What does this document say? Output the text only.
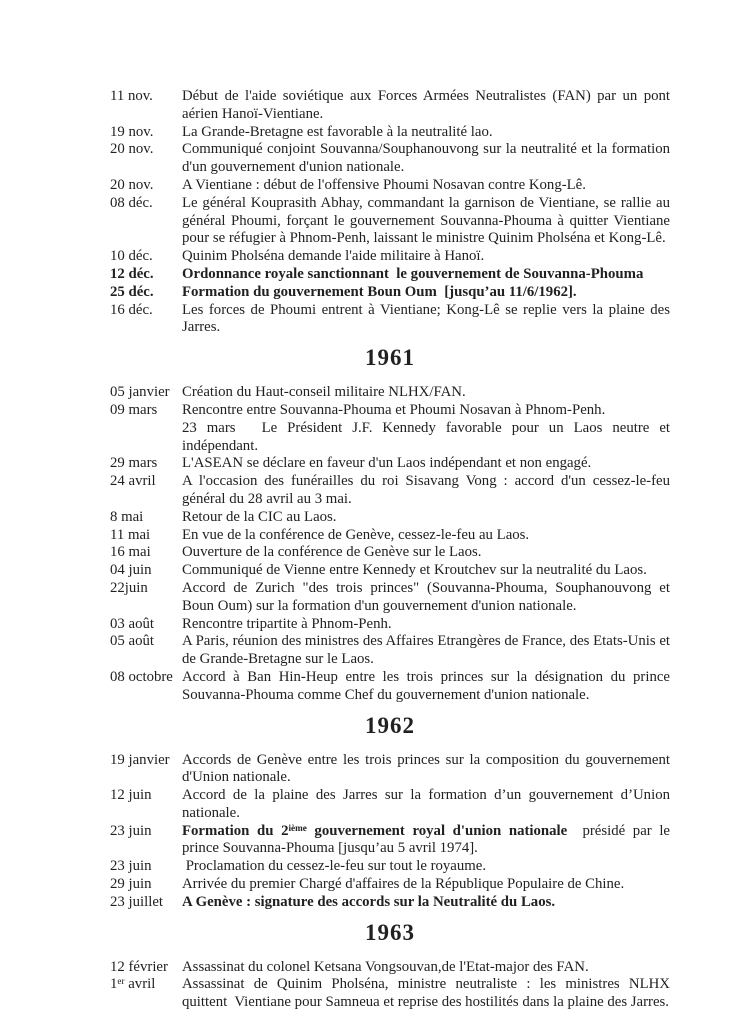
11 nov.	Début de l'aide soviétique aux Forces Armées Neutralistes (FAN) par un pont aérien Hanoï-Vientiane.
19 nov.	La Grande-Bretagne est favorable à la neutralité lao.
20 nov.	Communiqué conjoint Souvanna/Souphanouvong sur la neutralité et la formation d'un gouvernement d'union nationale.
20 nov.	A Vientiane : début de l'offensive Phoumi Nosavan contre Kong-Lê.
08 déc.	Le général Kouprasith Abhay, commandant la garnison de Vientiane, se rallie au général Phoumi, forçant le gouvernement Souvanna-Phouma à quitter Vientiane pour se réfugier à Phnom-Penh, laissant le ministre Quinim Pholséna et Kong-Lê.
10 déc.	Quinim Pholséna demande l'aide militaire à Hanoï.
12 déc.	Ordonnance royale sanctionnant  le gouvernement de Souvanna-Phouma
25 déc.	Formation du gouvernement Boun Oum  [jusqu’au 11/6/1962].
16 déc.	Les forces de Phoumi entrent à Vientiane; Kong-Lê se replie vers la plaine des Jarres.
1961
05 janvier Création du Haut-conseil militaire NLHX/FAN.
09 mars	Rencontre entre Souvanna-Phouma et Phoumi Nosavan à Phnom-Penh.
23 mars Le Président J.F. Kennedy favorable pour un Laos neutre et indépendant.
29 mars	L'ASEAN se déclare en faveur d'un Laos indépendant et non engagé.
24 avril	A l'occasion des funérailles du roi Sisavang Vong : accord d'un cessez-le-feu général du 28 avril au 3 mai.
8 mai	Retour de la CIC au Laos.
11 mai	En vue de la conférence de Genève, cessez-le-feu au Laos.
16 mai	Ouverture de la conférence de Genève sur le Laos.
04 juin	Communiqué de Vienne entre Kennedy et Kroutchev sur la neutralité du Laos.
22juin	Accord de Zurich "des trois princes" (Souvanna-Phouma, Souphanouvong et Boun Oum) sur la formation d'un gouvernement d'union nationale.
03 août	Rencontre tripartite à Phnom-Penh.
05 août	A Paris, réunion des ministres des Affaires Etrangères de France, des Etats-Unis et de Grande-Bretagne sur le Laos.
08 octobre Accord à Ban Hin-Heup entre les trois princes sur la désignation du prince Souvanna-Phouma comme Chef du gouvernement d'union nationale.
1962
19 janvier Accords de Genève entre les trois princes sur la composition du gouvernement d'Union nationale.
12 juin	Accord de la plaine des Jarres sur la formation d’un gouvernement d’Union nationale.
23 juin	Formation du 2ième gouvernement royal d'union nationale  présidé par le prince Souvanna-Phouma [jusqu’au 5 avril 1974].
23 juin	Proclamation du cessez-le-feu sur tout le royaume.
29 juin	Arrivée du premier Chargé d'affaires de la République Populaire de Chine.
23 juillet	A Genève : signature des accords sur la Neutralité du Laos.
1963
12 février Assassinat du colonel Ketsana Vongsouvan,de l'Etat-major des FAN.
1er avril	Assassinat de Quinim Pholséna, ministre neutraliste : les ministres NLHX quittent  Vientiane pour Samneua et reprise des hostilités dans la plaine des Jarres.
